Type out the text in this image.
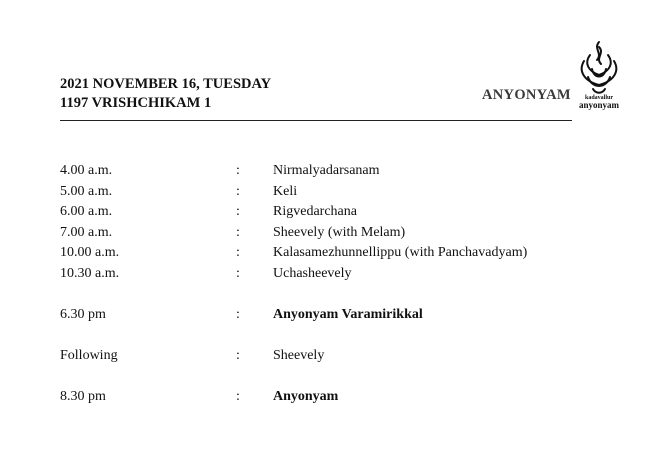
2021 NOVEMBER 16, TUESDAY
1197 VRISHCHIKAM 1	ANYONYAM	kadavallur
anyonyam
4.00 a.m.	: Nirmalyadarsanam
5.00 a.m.	: Keli
6.00 a.m.	: Rigvedarchana
7.00 a.m.	: Sheevely (with Melam)
10.00 a.m.	: Kalasamezhunnellippu (with Panchavadyam)
10.30 a.m.	: Uchasheevely
6.30 pm	: Anyonyam Varamirikkal
Following	: Sheevely
8.30 pm	: Anyonyam
